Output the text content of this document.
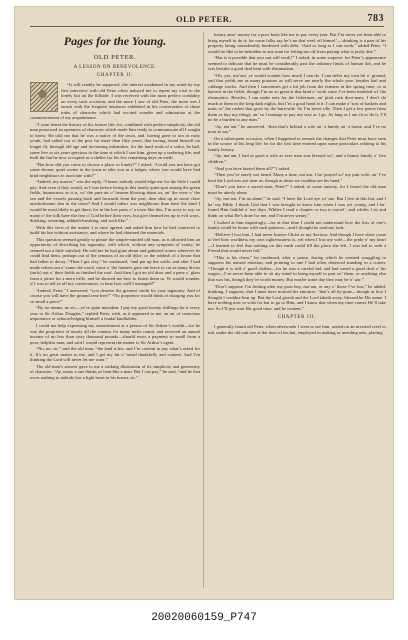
OLD PETER.	783
Pages for the Young.
OLD PETER.
A LESSON ON BENEVOLENCE.
CHAPTER II.

“It will readily be supposed, the interest awakened in my mind by my first interview with old Peter often induced me to repeat my visit to the lonely hut on the hillside. I was received with the most perfect cordiality on every such occasion; and the more I saw of old Peter, the more was I struck with the frequent instances exhibited in his conversation of those traits of character which had excited wonder and admiration at the commencement of my acquaintance.

“I soon learnt the history of his former life; for, combined with perfect simplicity, the old man possessed an openness of character which made him ready to communicate all I sought to know. He told me that he was a native of the town, and, having gone to sea in early youth, had sailed out of the port for more than fifty years; that having found himself no longer fit, through old age and increasing infirmities, for the hard work of a sailor, he had, some five or six years previous to the time at which I saw him, given up a seafaring life, and built the hut he now occupied as a shelter for his few remaining days on earth.

“But how did you come to choose a place so lonely?” I asked. “Could you not have got some decent, quiet rooms in the town to take you as a lodger, where you would have had kind neighbours to associate with?”

“Indeed, my master,” was the reply, “I know nobody would edge me for the little I could pay. And even if they would, as I was before living in this lonely quiet spot among the green fields, humourous as it is, wi’ the pure air o’ heaven blowing about us, an’ the view o’ the sea and the vessels passing back and forwards from the port, then shut up in some close unwholesome den in the town? And I would rather was neighbours than have the kind I would be most likely to get there; for in the low parts o’ a town like this, I’m sorry to say, so many o’ the folk have the fear o’ God before their eyes, but give themselves up to evil ways, drinking, swearing, sabbath-breaking, and such like.”

With this view of the matter I at once agreed, and asked him how he had contrived to build his hut without assistance, and where he had obtained the materials.

This question seemed greatly to please the simple-minded old man, as it afforded him an opportunity of describing his ingenuity, with which, without any symptom of vanity, he seemed not a little satisfied. He told me he had gone about and gathered stones wherever he could find them, perhaps out of the remains of an old dyke, or the rubbish of a house that had fallen to decay. “Then I got clay,” he continued, “and put up the walls; and after I had made rafters out o’ some old wood, some o’ the farmers gave me leave to cut as many divots (turfs) out o’ their fields as finished the roof. And then I got an old door and a pane o’ glass from a joiner for a mere trifle, and he showed me how to fasten them in. Ye would wonder, if I was to tell ye all my contrivances, to hear how well I managed!”

“Indeed, Peter,” I answered, “you deserve the greatest credit for your ingenuity. And of course you will have the ground rent-free?” “No proprietor would think of charging you for so small a piece!”

“By no means, no sir,—ye’re quite mistaken. I pay my good twenty shillings for it every year to Sir Arthur Douglas,” replied Peter, with, as it appeared to me, an air of conscious importance or acknowledging himself a feudal landholder.

I could not help expressing my astonishment at a person of Sir Arthur’s wealth—for he was the proprietor of nearly all the country for many miles round, and received an annual income of no less than sixty thousand pounds—should exact a payment so small from a poor, helpless man, and said I would represent the matter to Sir Arthur’s agent.

“No, no, sir,” said the old man, “the land is his, and I’m content to pay what’s asked for it. It’s no great matter to me, and I get my bit o’ bread thankfully and content. And I’m thinking the Lord will never let me want.”

The old man’s answer gave to me a striking illustration of its simplicity and generosity of character. “Ay, many a one thinks ye lean-like a man. But I can pay,” he said, “and he that owes nothing to nobody has a light heart in his breast, sir.”

luxury amo’ money for a poor body like me to pay every year. But I’m never yet been able to bring myself to do it; for some folks say he’s no that weel off himsel’,—drinking is a part of his property being considerably burdened with debt. “And so long as I can work,” added Peter, “I would no like to be beholden to any man for letting me off from paying what is justly due.”

“But is it possible that you can still work?” I asked, in some surprise; for Peter’s appearance seemed to indicate that he must be considerably past the ordinary limits of human life, and he was besides a good deal bent with rheumatism.

“Oh, yes, ma’am, ye would wonder how much I can do. I can delve my own bit o’ ground, and that yields me as many potatoes as will serve me nearly the whole year, besides kail and cabbage stocks. And then I sometimes get a bit job from the farmers in the spring time, or at harvest in the fields; though I’m no so great at that kind o’ work since I’ve been troubled wi’ the rheumatics. Besides, I can make nets for the fishermen, an’ plait rush door-mats. I don’t do much at them in the long dark nights, but I’m a good hand at it. I can make a’ sort of baskets and mats wi’ the rushes that grow by the burn-side. So I’m never idle. Then I get a few pence from them as buy my things, an’ so I manage to pay my way as I go. As lang as I am fit to do it, I’ll no be a burden to any man.”

“Ay, ma’am,” he answered, “then that’s behind a wife an’ a family an’ a home, and I’ve no mair to say.”

On a subsequent occasion, when I happened to remark the changes that Peter must have seen in the course of his long life, he for the first time entered upon some particulars relating to his family history.

“Ay, ma’am, I had as good a wife as ever man was blessed wi’, and a bonny family o’ five children.”

“And you have buried them all?” I asked.

“Then you’ve surely not heard. Many a time, ma’am, I ha’ prayed wi’ my puir wife; an’ I’ve kent the Lord was aye near us, though at times we couldna see his hand.”

“Don’t you have a sacred man, Peter?” I asked, in some anxiety, for I feared the old man must be utterly alone.

“Ay, ma’am, I’m no alane,” he said, “I have the Lord aye wi’ me. But I live in this hut, and I ha’ my Bible. I thank God that I was brought to know him when I was yet young, and I ha’ found Him faithful a’ my days. Whiles I read a chapter or twa to mysel’, and whiles I sit and think on what He’s done for me, and I’m never weary.”

I looked at him inquiringly—for at that time I could not understand how the loss of one’s family could be borne with such patience—and I thought he read my look.

“Believe I lost him, I had never known Christ as my Saviour. And though I have since come to feel how worthless my own righteousness is, yet when I lost my wife—the pride o’ my heart—I learned to feel that nothing on this earth could fill the place she left. I was led to seek a Friend that would never fail.”

“This is his chest,” he continued, after a pause, during which he seemed struggling to suppress his natural emotion, and pointing to one I had often observed standing in a corner. “Though it is full o’ good clothes—for he was a careful lad, and had saved a good deal o’ his wages—I’ve never been able to sit my mind to bring myself to part wi’ them, or anything else that was his, though they’re worth money. But maybe some day they may be o’ use.”

“Don’t suppose I’m fretting after my poor boy, ma’am, or any o’ those I’ve lost,” he added, thinking, I suppose, that I must have noticed his emotion; “that’s all by-gone—though at first I thought I couldna bear up. But the Lord giveth and the Lord taketh away; blessed be His name. I have nothing now to wish for but to go to Him, and I know that when my time comes He’ll take me. So I’ll just wait His good time, and be content.”

CHAPTER III.

I generally found old Peter, when afterwards I went to see him, seated on an inverted creel or tub, under the old oak tree at the door of his hut, employed in making or mending nets, plaiting

20020060159_P747
